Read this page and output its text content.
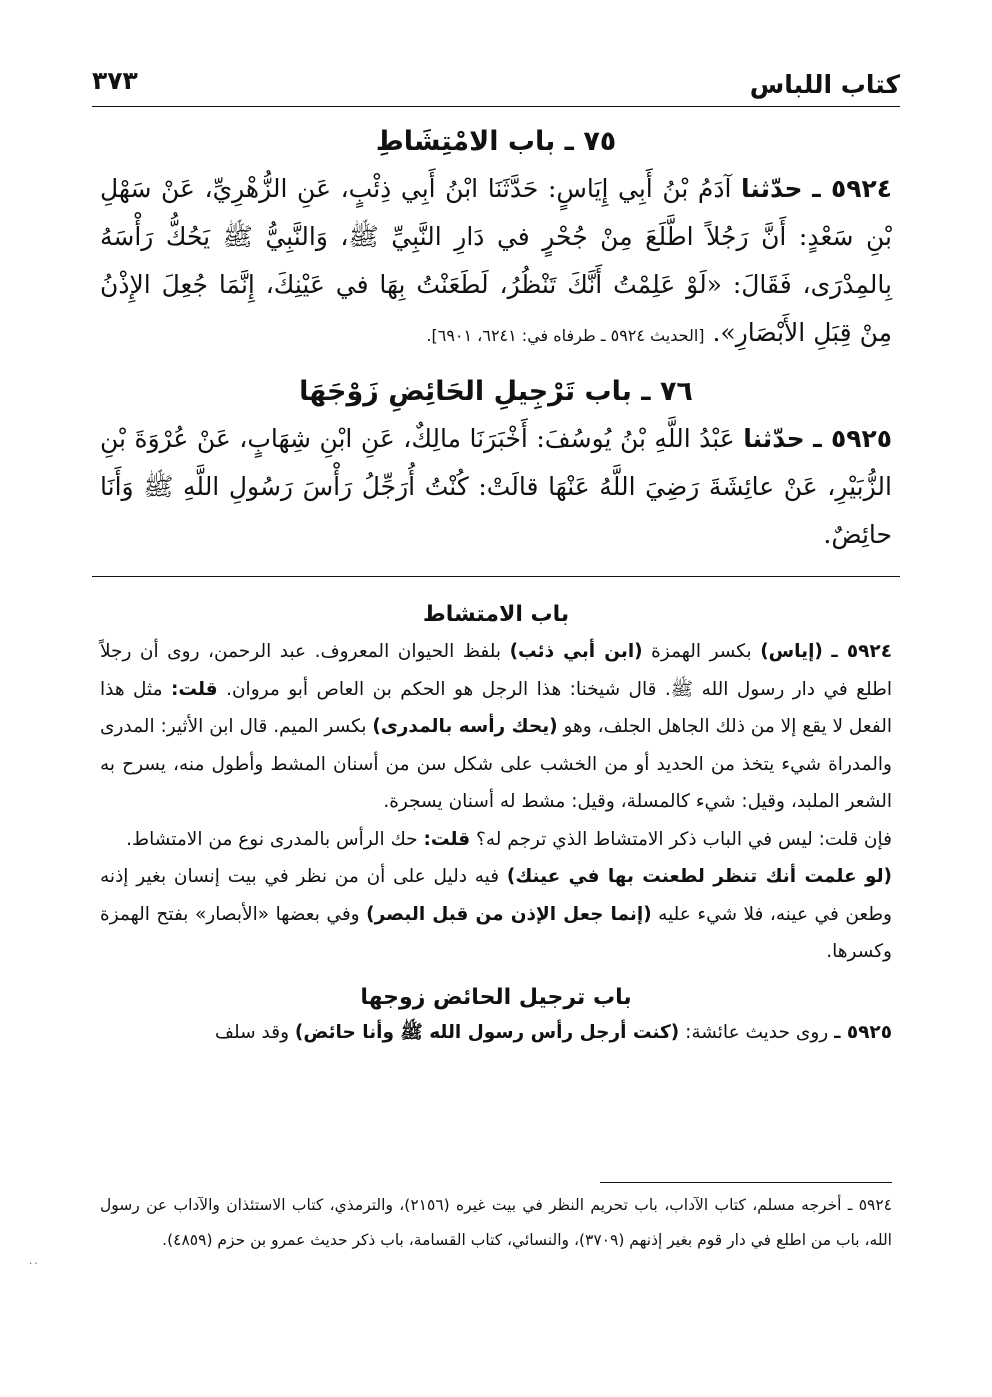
كتاب اللباس
٣٧٣
٧٥ ـ باب الامْتِشَاطِ

٥٩٢٤ ـ حدّثنا آدَمُ بْنُ أَبِي إِيَاسٍ: حَدَّثَنَا ابْنُ أَبِي ذِئْبٍ، عَنِ الزُّهْرِيِّ، عَنْ سَهْلِ بْنِ سَعْدٍ: أَنَّ رَجُلاً اطَّلَعَ مِنْ جُحْرٍ في دَارِ النَّبِيِّ ﷺ، وَالنَّبِيُّ ﷺ يَحُكُّ رَأْسَهُ بِالمِدْرَى، فَقَالَ: «لَوْ عَلِمْتُ أَنَّكَ تَنْظُرُ، لَطَعَنْتُ بِهَا في عَيْنِكَ، إِنَّمَا جُعِلَ الإِذْنُ مِنْ قِبَلِ الأَبْصَارِ». [الحديث ٥٩٢٤ ـ طرفاه في: ٦٢٤١، ٦٩٠١].

٧٦ ـ باب تَرْجِيلِ الحَائِضِ زَوْجَهَا

٥٩٢٥ ـ حدّثنا عَبْدُ اللَّهِ بْنُ يُوسُفَ: أَخْبَرَنَا مالِكٌ، عَنِ ابْنِ شِهَابٍ، عَنْ عُرْوَةَ بْنِ الزُّبَيْرِ، عَنْ عائِشَةَ رَضِيَ اللَّهُ عَنْهَا قالَتْ: كُنْتُ أُرَجِّلُ رَأْسَ رَسُولِ اللَّهِ ﷺ وَأَنَا حائِضٌ.

باب الامتشاط

٥٩٢٤ ـ (إياس) بكسر الهمزة (ابن أبي ذئب) بلفظ الحيوان المعروف. عبد الرحمن، روى أن رجلاً اطلع في دار رسول الله ﷺ. قال شيخنا: هذا الرجل هو الحكم بن العاص أبو مروان. قلت: مثل هذا الفعل لا يقع إلا من ذلك الجاهل الجلف، وهو (يحك رأسه بالمدرى) بكسر الميم. قال ابن الأثير: المدرى والمدراة شيء يتخذ من الحديد أو من الخشب على شكل سن من أسنان المشط وأطول منه، يسرح به الشعر الملبد، وقيل: شيء كالمسلة، وقيل: مشط له أسنان يسجرة.

فإن قلت: ليس في الباب ذكر الامتشاط الذي ترجم له؟ قلت: حك الرأس بالمدرى نوع من الامتشاط.

(لو علمت أنك تنظر لطعنت بها في عينك) فيه دليل على أن من نظر في بيت إنسان بغير إذنه وطعن في عينه، فلا شيء عليه (إنما جعل الإذن من قبل البصر) وفي بعضها «الأبصار» بفتح الهمزة وكسرها.

باب ترجيل الحائض زوجها

٥٩٢٥ ـ روى حديث عائشة: (كنت أرجل رأس رسول الله ﷺ وأنا حائض) وقد سلف

٥٩٢٤ ـ أخرجه مسلم، كتاب الآداب، باب تحريم النظر في بيت غيره (٢١٥٦)، والترمذي، كتاب الاستئذان والآداب عن رسول الله، باب من اطلع في دار قوم بغير إذنهم (٣٧٠٩)، والنسائي، كتاب القسامة، باب ذكر حديث عمرو بن حزم (٤٨٥٩).

٠٠
